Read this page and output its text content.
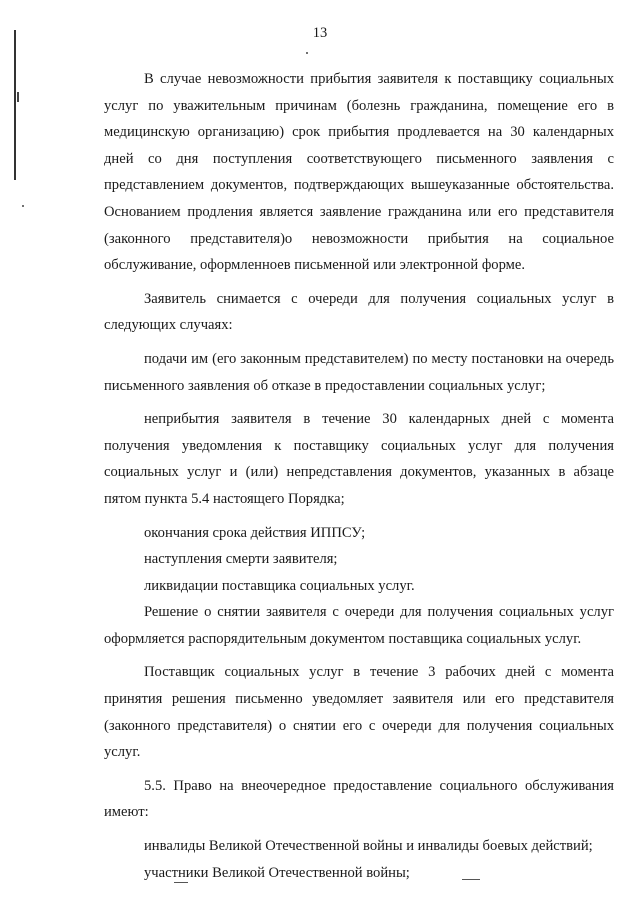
13

В случае невозможности прибытия заявителя к поставщику социальных услуг по уважительным причинам (болезнь гражданина, помещение его в медицинскую организацию) срок прибытия продлевается на 30 календарных дней со дня поступления соответствующего письменного заявления с представлением документов, подтверждающих вышеуказанные обстоятельства. Основанием продления является заявление гражданина или его представителя (законного представителя)о невозможности прибытия на социальное обслуживание, оформленноев письменной или электронной форме.

Заявитель снимается с очереди для получения социальных услуг в следующих случаях:

подачи им (его законным представителем) по месту постановки на очередь письменного заявления об отказе в предоставлении социальных услуг;

неприбытия заявителя в течение 30 календарных дней с момента получения уведомления к поставщику социальных услуг для получения социальных услуг и (или) непредставления документов, указанных в абзаце пятом пункта 5.4 настоящего Порядка;

окончания срока действия ИППСУ;

наступления смерти заявителя;

ликвидации поставщика социальных услуг.

Решение о снятии заявителя с очереди для получения социальных услуг оформляется распорядительным документом поставщика социальных услуг.

Поставщик социальных услуг в течение 3 рабочих дней с момента принятия решения письменно уведомляет заявителя или его представителя (законного представителя) о снятии его с очереди для получения социальных услуг.

5.5. Право на внеочередное предоставление социального обслуживания имеют:

инвалиды Великой Отечественной войны и инвалиды боевых действий;

участники Великой Отечественной войны;
